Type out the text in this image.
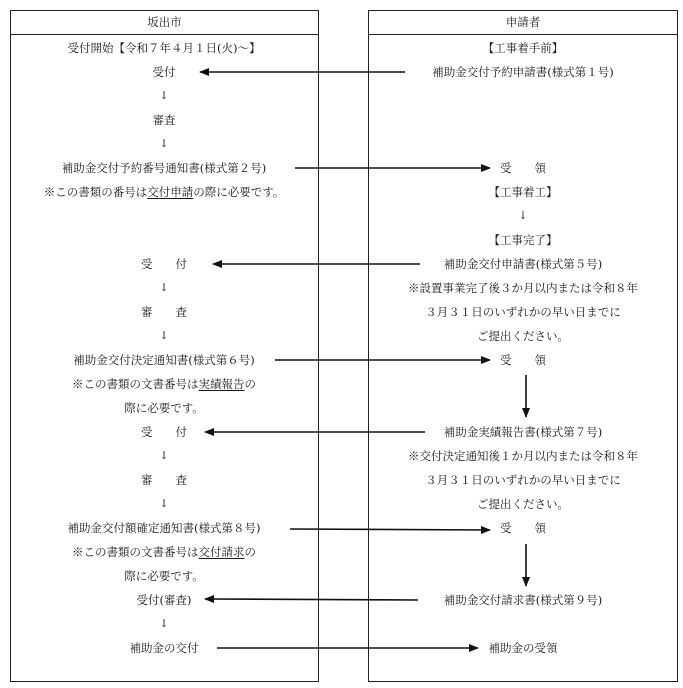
坂出市	申請者
受付開始【令和７年４月１日(火)～】
受付
↓
審査
↓
補助金交付予約番号通知書(様式第２号)
※この書類の番号は交付申請の際に必要です。
受　　付
↓
審　　査
↓
補助金交付決定通知書(様式第６号)
※この書類の文書番号は実績報告の
際に必要です。
受　　付
↓
審　　査
↓
補助金交付額確定通知書(様式第８号)
※この書類の文書番号は交付請求の
際に必要です。
受付(審査)
↓
補助金の交付
【工事着手前】
補助金交付予約申請書(様式第１号)
受　　領
【工事着工】
↓
【工事完了】
補助金交付申請書(様式第５号)
※設置事業完了後３か月以内または令和８年
３月３１日のいずれかの早い日までに
ご提出ください。
受　　領
補助金実績報告書(様式第７号)
※交付決定通知後１か月以内または令和８年
３月３１日のいずれかの早い日までに
ご提出ください。
受　　領
補助金交付請求書(様式第９号)
補助金の受領
